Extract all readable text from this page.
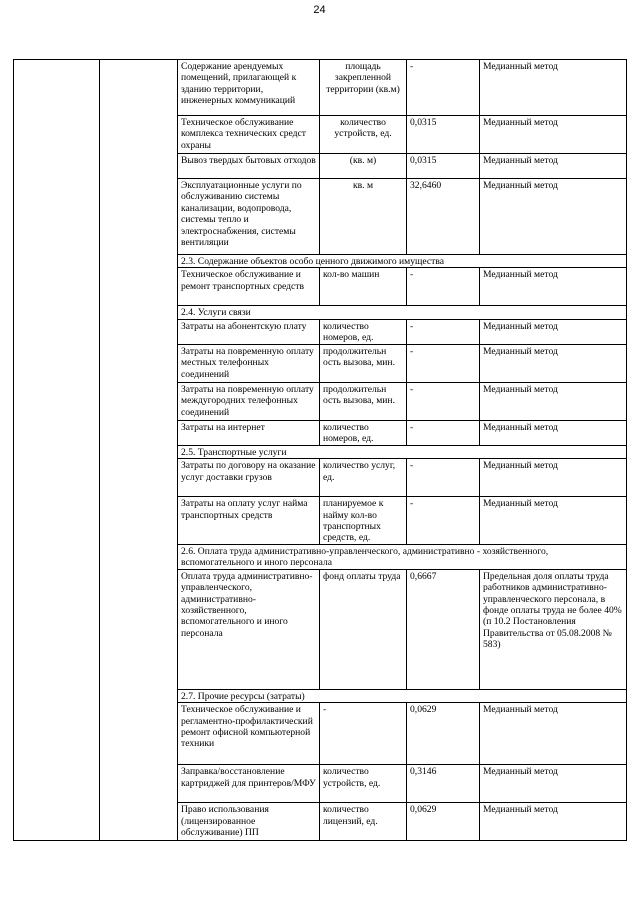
24
		Содержание арендуемых помещений, прилагающей к зданию территории, инженерных коммуникаций	площадь закрепленной территории (кв.м)	-	Медианный метод
		Техническое обслуживание комплекса технических средст охраны	количество устройств, ед.	0,0315	Медианный метод
		Вывоз твердых бытовых отходов	(кв. м)	0,0315	Медианный метод
		Эксплуатационные услуги по обслуживанию системы канализации, водопровода, системы тепло и электроснабжения, системы вентиляции	кв. м	32,6460	Медианный метод
		2.3. Содержание объектов особо ценного движимого имущества			
		Техническое обслуживание и ремонт транспортных средств	кол-во машин	-	Медианный метод
		2.4. Услуги связи			
		Затраты на абонентскую плату	количество номеров, ед.	-	Медианный метод
		Затраты на повременную оплату местных телефонных соединений	продолжительн ость вызова, мин.	-	Медианный метод
		Затраты на повременную оплату междугородних телефонных соединений	продолжительн ость вызова, мин.	-	Медианный метод
		Затраты на интернет	количество номеров, ед.	-	Медианный метод
		2.5. Транспортные услуги			
		Затраты по договору на оказание услуг доставки грузов	количество услуг, ед.	-	Медианный метод
		Затраты на оплату услуг найма транспортных средств	планируемое к найму кол-во транспортных средств, ед.	-	Медианный метод
		2.6. Оплата труда административно-управленческого, административно - хозяйственного, вспомогательного и иного персонала			
		Оплата труда административно-управленческого, административно-хозяйственного, вспомогательного и иного персонала	фонд оплаты труда	0,6667	Предельная доля оплаты труда работников административно-управленческого персонала, в фонде оплаты труда не более 40% (п 10.2 Постановления Правительства от 05.08.2008 № 583)
		2.7. Прочие ресурсы (затраты)			
		Техническое обслуживание и регламентно-профилактический ремонт офисной компьютерной техники	-	0,0629	Медианный метод
		Заправка/восстановление картриджей для принтеров/МФУ	количество устройств, ед.	0,3146	Медианный метод
		Право использования (лицензированное обслуживание) ПП	количество лицензий, ед.	0,0629	Медианный метод
